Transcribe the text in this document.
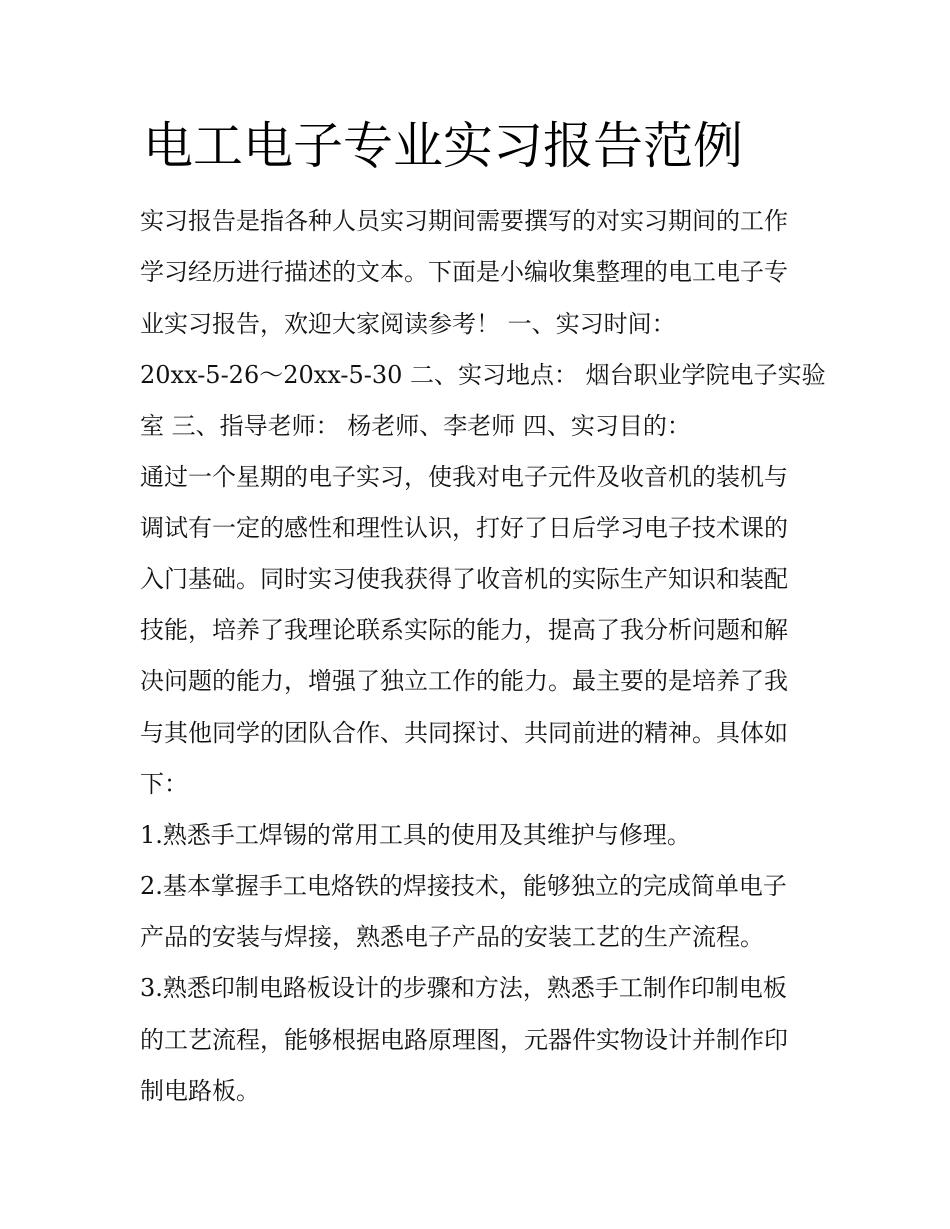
电工电子专业实习报告范例

实习报告是指各种人员实习期间需要撰写的对实习期间的工作

学习经历进行描述的文本。下面是小编收集整理的电工电子专

业实习报告，欢迎大家阅读参考！ 一、实习时间：

20xx-5-26～20xx-5-30 二、实习地点： 烟台职业学院电子实验

室 三、指导老师： 杨老师、李老师 四、实习目的：

通过一个星期的电子实习，使我对电子元件及收音机的装机与

调试有一定的感性和理性认识，打好了日后学习电子技术课的

入门基础。同时实习使我获得了收音机的实际生产知识和装配

技能，培养了我理论联系实际的能力，提高了我分析问题和解

决问题的能力，增强了独立工作的能力。最主要的是培养了我

与其他同学的团队合作、共同探讨、共同前进的精神。具体如

下：

1.熟悉手工焊锡的常用工具的使用及其维护与修理。

2.基本掌握手工电烙铁的焊接技术，能够独立的完成简单电子

产品的安装与焊接，熟悉电子产品的安装工艺的生产流程。

3.熟悉印制电路板设计的步骤和方法，熟悉手工制作印制电板

的工艺流程，能够根据电路原理图，元器件实物设计并制作印

制电路板。
